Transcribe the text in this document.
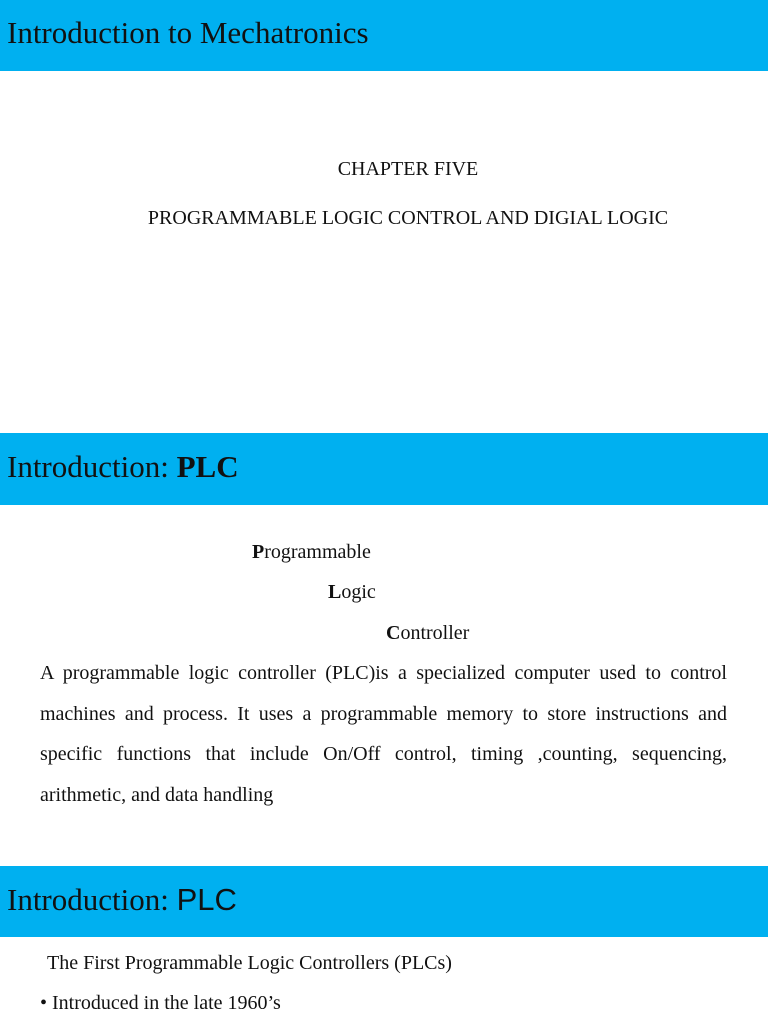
Introduction to Mechatronics
CHAPTER FIVE
PROGRAMMABLE LOGIC CONTROL AND DIGIAL LOGIC
Introduction: PLC
Programmable
Logic
Controller
A programmable logic controller (PLC)is a specialized computer used to control machines and process. It uses a programmable memory to store instructions and specific functions that include On/Off control, timing ,counting, sequencing, arithmetic, and data handling
Introduction: PLC
The First Programmable Logic Controllers (PLCs)
• Introduced in the late 1960’s
